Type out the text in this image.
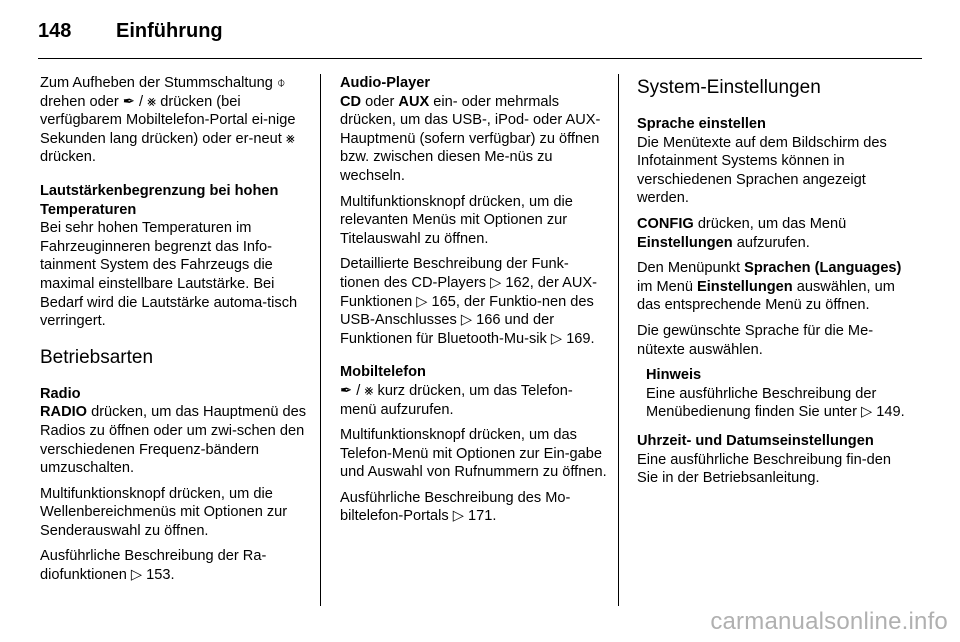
148 Einführung

Zum Aufheben der Stummschaltung ⌽ drehen oder ✒ / ⨳ drücken (bei verfügbarem Mobiltelefon-Portal ei-nige Sekunden lang drücken) oder er-neut ⨳ drücken.

Lautstärkenbegrenzung bei hohen Temperaturen

Bei sehr hohen Temperaturen im Fahrzeuginneren begrenzt das Info-tainment System des Fahrzeugs die maximal einstellbare Lautstärke. Bei Bedarf wird die Lautstärke automa-tisch verringert.

Betriebsarten

Radio

RADIO drücken, um das Hauptmenü des Radios zu öffnen oder um zwi-schen den verschiedenen Frequenz-bändern umzuschalten.

Multifunktionsknopf drücken, um die Wellenbereichmenüs mit Optionen zur Senderauswahl zu öffnen.

Ausführliche Beschreibung der Ra-diofunktionen ▷ 153.

Audio-Player

CD oder AUX ein- oder mehrmals drücken, um das USB-, iPod- oder AUX-Hauptmenü (sofern verfügbar) zu öffnen bzw. zwischen diesen Me-nüs zu wechseln.

Multifunktionsknopf drücken, um die relevanten Menüs mit Optionen zur Titelauswahl zu öffnen.

Detaillierte Beschreibung der Funk-tionen des CD-Players ▷ 162, der AUX-Funktionen ▷ 165, der Funktio-nen des USB-Anschlusses ▷ 166 und der Funktionen für Bluetooth-Mu-sik ▷ 169.

Mobiltelefon

✒ / ⨳ kurz drücken, um das Telefon-menü aufzurufen.

Multifunktionsknopf drücken, um das Telefon-Menü mit Optionen zur Ein-gabe und Auswahl von Rufnummern zu öffnen.

Ausführliche Beschreibung des Mo-biltelefon-Portals ▷ 171.

System-Einstellungen

Sprache einstellen

Die Menütexte auf dem Bildschirm des Infotainment Systems können in verschiedenen Sprachen angezeigt werden.

CONFIG drücken, um das Menü Einstellungen aufzurufen.

Den Menüpunkt Sprachen (Languages) im Menü Einstellungen auswählen, um das entsprechende Menü zu öffnen.

Die gewünschte Sprache für die Me-nütexte auswählen.

Hinweis

Eine ausführliche Beschreibung der Menübedienung finden Sie unter ▷ 149.

Uhrzeit- und Datumseinstellungen

Eine ausführliche Beschreibung fin-den Sie in der Betriebsanleitung.

carmanualsonline.info
